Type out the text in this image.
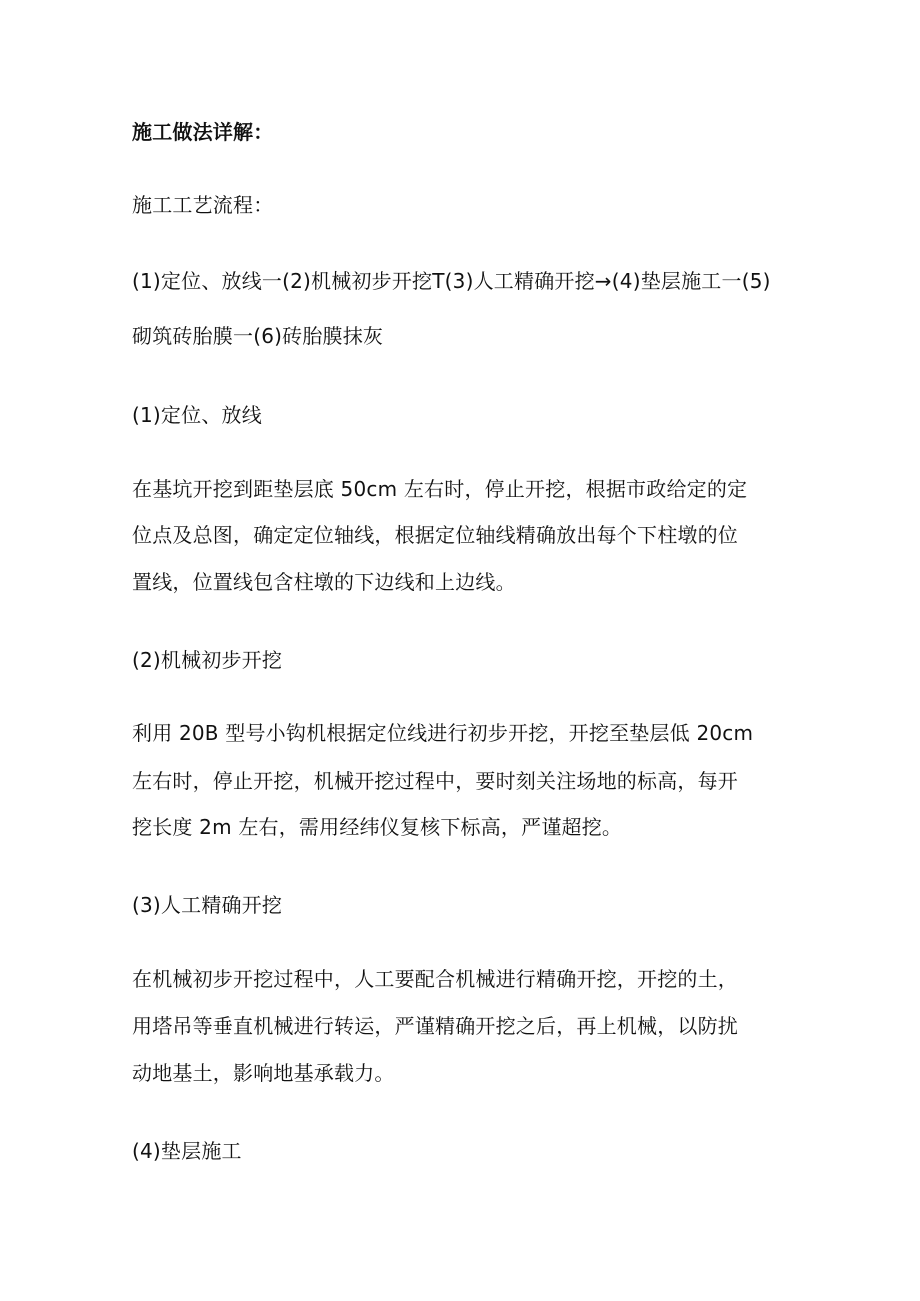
施工做法详解：
施工工艺流程：
(1)定位、放线一(2)机械初步开挖T(3)人工精确开挖→(4)垫层施工一(5)
砌筑砖胎膜一(6)砖胎膜抹灰
(1)定位、放线
在基坑开挖到距垫层底 50cm 左右时，停止开挖，根据市政给定的定
位点及总图，确定定位轴线，根据定位轴线精确放出每个下柱墩的位
置线，位置线包含柱墩的下边线和上边线。
(2)机械初步开挖
利用 20B 型号小钩机根据定位线进行初步开挖，开挖至垫层低 20cm
左右时，停止开挖，机械开挖过程中，要时刻关注场地的标高，每开
挖长度 2m 左右，需用经纬仪复核下标高，严谨超挖。
(3)人工精确开挖
在机械初步开挖过程中，人工要配合机械进行精确开挖，开挖的土，
用塔吊等垂直机械进行转运，严谨精确开挖之后，再上机械，以防扰
动地基土，影响地基承载力。
(4)垫层施工
